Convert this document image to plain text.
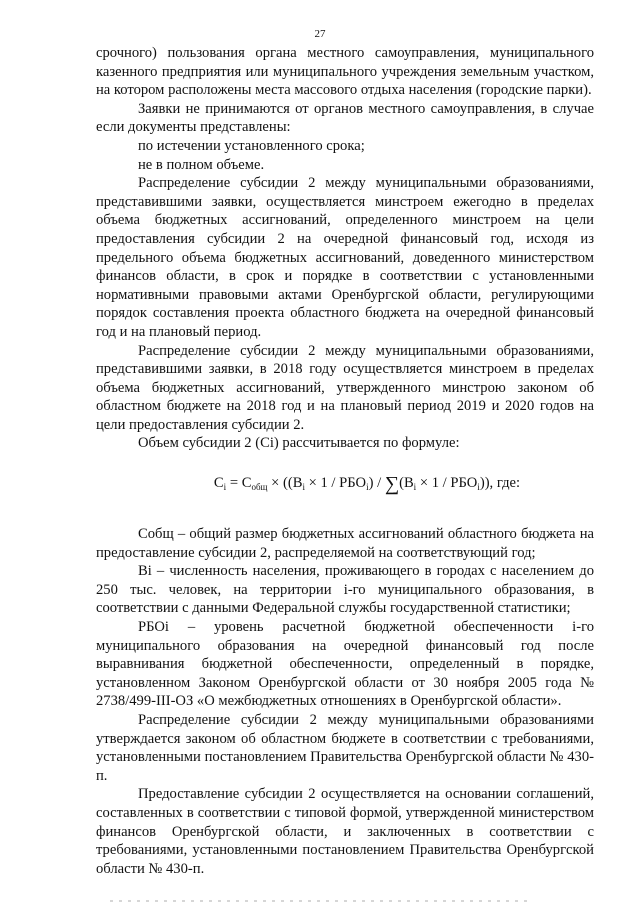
27

срочного) пользования органа местного самоуправления, муниципального казенного предприятия или муниципального учреждения земельным участком, на котором расположены места массового отдыха населения (городские парки).

Заявки не принимаются от органов местного самоуправления, в случае если документы представлены:

по истечении установленного срока;

не в полном объеме.

Распределение субсидии 2 между муниципальными образованиями, представившими заявки, осуществляется минстроем ежегодно в пределах объема бюджетных ассигнований, определенного минстроем на цели предоставления субсидии 2 на очередной финансовый год, исходя из предельного объема бюджетных ассигнований, доведенного министерством финансов области, в срок и порядке в соответствии с установленными нормативными правовыми актами Оренбургской области, регулирующими порядок составления проекта областного бюджета на очередной финансовый год и на плановый период.

Распределение субсидии 2 между муниципальными образованиями, представившими заявки, в 2018 году осуществляется минстроем в пределах объема бюджетных ассигнований, утвержденного минстрою законом об областном бюджете на 2018 год и на плановый период 2019 и 2020 годов на цели предоставления субсидии 2.

Объем субсидии 2 (Ci) рассчитывается по формуле:

$C_i = C_{общ} \times ((B_i \times 1 / РБО_i) / \sum(B_i \times 1 / РБО_i))$, где:

Cобщ – общий размер бюджетных ассигнований областного бюджета на предоставление субсидии 2, распределяемой на соответствующий год;

Bi – численность населения, проживающего в городах с населением до 250 тыс. человек, на территории i-го муниципального образования, в соответствии с данными Федеральной службы государственной статистики;

РБОi – уровень расчетной бюджетной обеспеченности i-го муниципального образования на очередной финансовый год после выравнивания бюджетной обеспеченности, определенный в порядке, установленном Законом Оренбургской области от 30 ноября 2005 года № 2738/499-III-ОЗ «О межбюджетных отношениях в Оренбургской области».

Распределение субсидии 2 между муниципальными образованиями утверждается законом об областном бюджете в соответствии с требованиями, установленными постановлением Правительства Оренбургской области № 430-п.

Предоставление субсидии 2 осуществляется на основании соглашений, составленных в соответствии с типовой формой, утвержденной министерством финансов Оренбургской области, и заключенных в соответствии с требованиями, установленными постановлением Правительства Оренбургской области № 430-п.
